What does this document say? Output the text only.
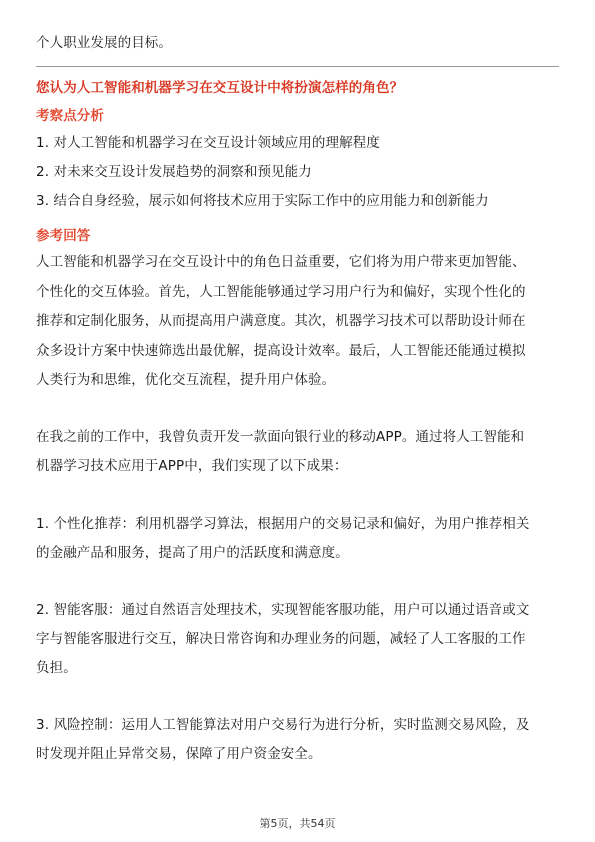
个人职业发展的目标。
您认为人工智能和机器学习在交互设计中将扮演怎样的角色？
考察点分析
1. 对人工智能和机器学习在交互设计领域应用的理解程度
2. 对未来交互设计发展趋势的洞察和预见能力
3. 结合自身经验，展示如何将技术应用于实际工作中的应用能力和创新能力
参考回答
人工智能和机器学习在交互设计中的角色日益重要，它们将为用户带来更加智能、
个性化的交互体验。首先，人工智能能够通过学习用户行为和偏好，实现个性化的
推荐和定制化服务，从而提高用户满意度。其次，机器学习技术可以帮助设计师在
众多设计方案中快速筛选出最优解，提高设计效率。最后，人工智能还能通过模拟
人类行为和思维，优化交互流程，提升用户体验。
在我之前的工作中，我曾负责开发一款面向银行业的移动APP。通过将人工智能和
机器学习技术应用于APP中，我们实现了以下成果：
1. 个性化推荐：利用机器学习算法，根据用户的交易记录和偏好，为用户推荐相关
的金融产品和服务，提高了用户的活跃度和满意度。
2. 智能客服：通过自然语言处理技术，实现智能客服功能，用户可以通过语音或文
字与智能客服进行交互，解决日常咨询和办理业务的问题，减轻了人工客服的工作
负担。
3. 风险控制：运用人工智能算法对用户交易行为进行分析，实时监测交易风险，及
时发现并阻止异常交易，保障了用户资金安全。
第5页，共54页
